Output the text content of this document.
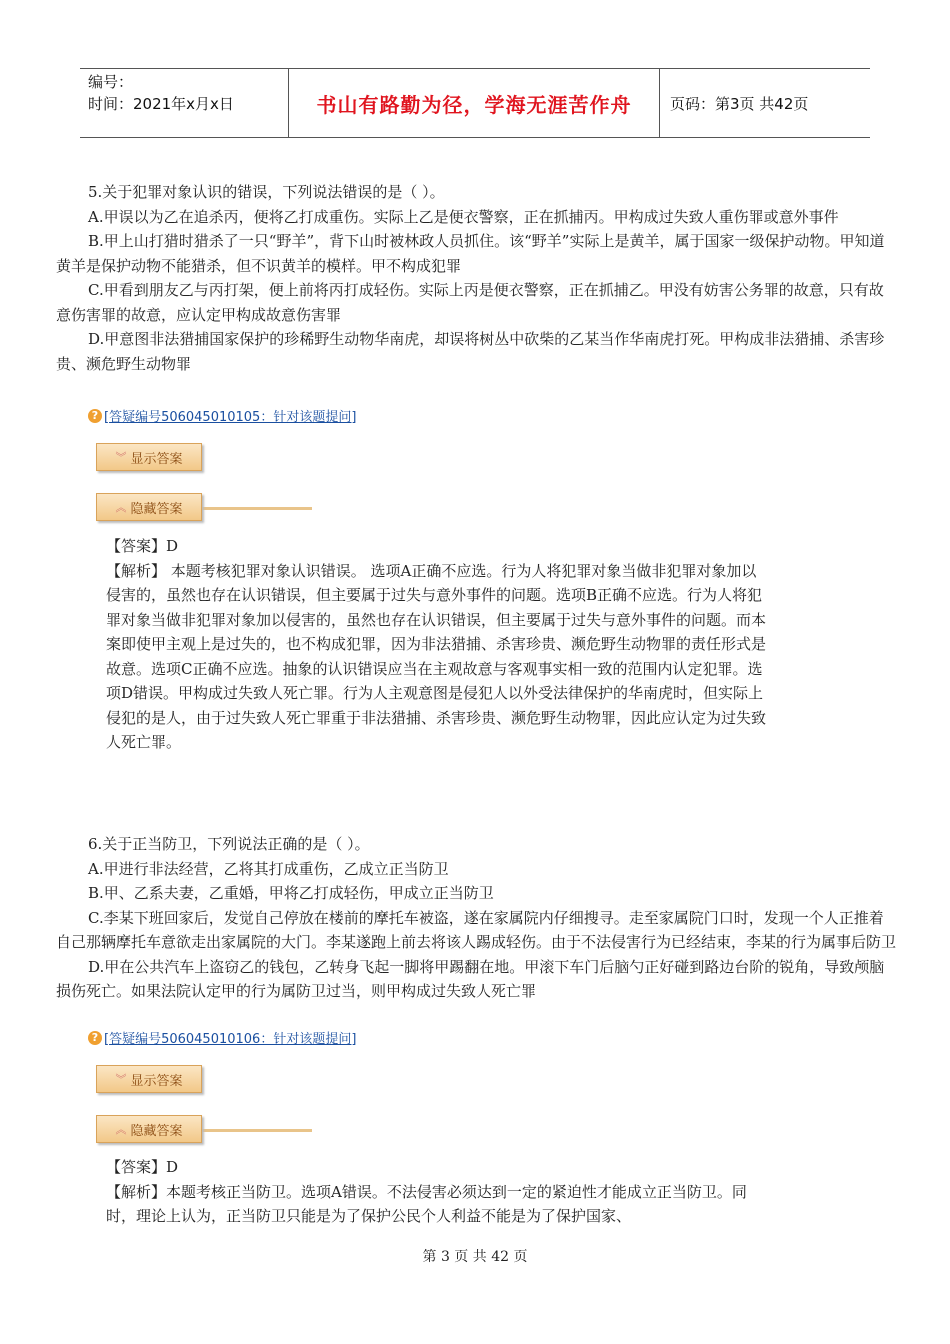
编号：
时间：2021年x月x日	书山有路勤为径，学海无涯苦作舟	页码：第3页 共42页

5.关于犯罪对象认识的错误，下列说法错误的是（ ）。

A.甲误以为乙在追杀丙，便将乙打成重伤。实际上乙是便衣警察，正在抓捕丙。甲构成过失致人重伤罪或意外事件

B.甲上山打猎时猎杀了一只“野羊”，背下山时被林政人员抓住。该“野羊”实际上是黄羊，属于国家一级保护动物。甲知道黄羊是保护动物不能猎杀，但不识黄羊的模样。甲不构成犯罪

C.甲看到朋友乙与丙打架，便上前将丙打成轻伤。实际上丙是便衣警察，正在抓捕乙。甲没有妨害公务罪的故意，只有故意伤害罪的故意，应认定甲构成故意伤害罪

D.甲意图非法猎捕国家保护的珍稀野生动物华南虎，却误将树丛中砍柴的乙某当作华南虎打死。甲构成非法猎捕、杀害珍贵、濒危野生动物罪

? [答疑编号506045010105：针对该题提问]
︾ 显示答案
︽ 隐藏答案

【答案】D

【解析】 本题考核犯罪对象认识错误。 选项A正确不应选。行为人将犯罪对象当做非犯罪对象加以侵害的，虽然也存在认识错误，但主要属于过失与意外事件的问题。选项B正确不应选。行为人将犯罪对象当做非犯罪对象加以侵害的，虽然也存在认识错误，但主要属于过失与意外事件的问题。而本案即使甲主观上是过失的，也不构成犯罪，因为非法猎捕、杀害珍贵、濒危野生动物罪的责任形式是故意。选项C正确不应选。抽象的认识错误应当在主观故意与客观事实相一致的范围内认定犯罪。选项D错误。甲构成过失致人死亡罪。行为人主观意图是侵犯人以外受法律保护的华南虎时，但实际上侵犯的是人，由于过失致人死亡罪重于非法猎捕、杀害珍贵、濒危野生动物罪，因此应认定为过失致人死亡罪。

6.关于正当防卫，下列说法正确的是（ ）。

A.甲进行非法经营，乙将其打成重伤，乙成立正当防卫

B.甲、乙系夫妻，乙重婚，甲将乙打成轻伤，甲成立正当防卫

C.李某下班回家后，发觉自己停放在楼前的摩托车被盗，遂在家属院内仔细搜寻。走至家属院门口时，发现一个人正推着自己那辆摩托车意欲走出家属院的大门。李某遂跑上前去将该人踢成轻伤。由于不法侵害行为已经结束，李某的行为属事后防卫

D.甲在公共汽车上盗窃乙的钱包，乙转身飞起一脚将甲踢翻在地。甲滚下车门后脑勺正好碰到路边台阶的锐角，导致颅脑损伤死亡。如果法院认定甲的行为属防卫过当，则甲构成过失致人死亡罪

? [答疑编号506045010106：针对该题提问]
︾ 显示答案
︽ 隐藏答案

【答案】D

【解析】本题考核正当防卫。选项A错误。不法侵害必须达到一定的紧迫性才能成立正当防卫。同时，理论上认为，正当防卫只能是为了保护公民个人利益不能是为了保护国家、

第 3 页 共 42 页
